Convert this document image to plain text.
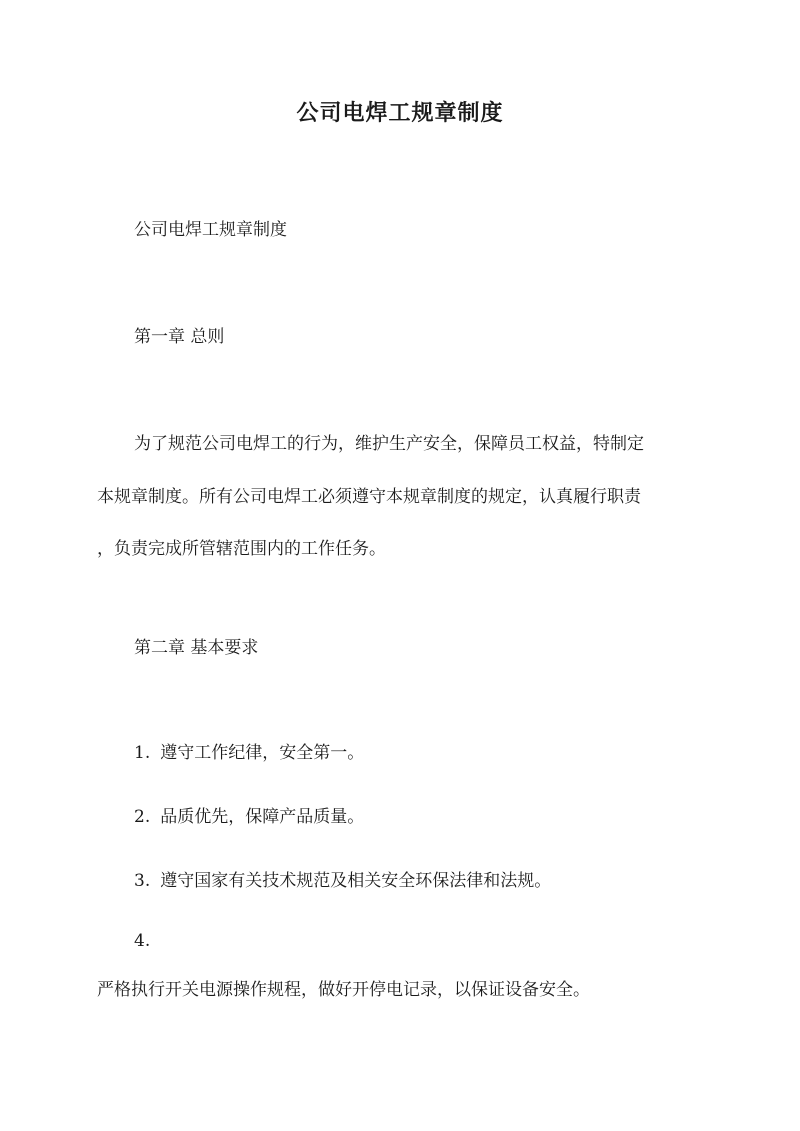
公司电焊工规章制度
公司电焊工规章制度
第一章 总则
为了规范公司电焊工的行为，维护生产安全，保障员工权益，特制定
本规章制度。所有公司电焊工必须遵守本规章制度的规定，认真履行职责
，负责完成所管辖范围内的工作任务。
第二章 基本要求
1. 遵守工作纪律，安全第一。
2. 品质优先，保障产品质量。
3. 遵守国家有关技术规范及相关安全环保法律和法规。
4.
严格执行开关电源操作规程，做好开停电记录，以保证设备安全。
